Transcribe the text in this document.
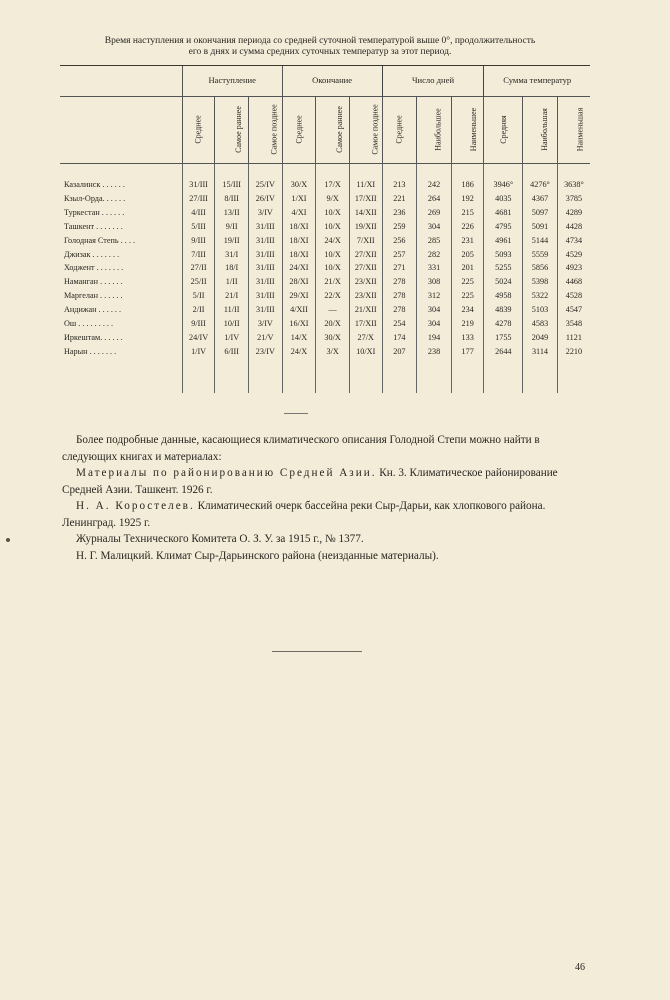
Время наступления и окончания периода со средней суточной температурой выше 0°, продолжительность
его в днях и сумма средних суточных температур за этот период.
	Наступление			Окончание			Число дней			Сумма температур		
	Среднее	Самое раннее	Самое позднее	Среднее	Самое раннее	Самое позднее	Среднее	Наибольшее	Наименьшее	Средняя	Наибольшая	Наименьшая

Казалинск . . . . . .	31/III	15/III	25/IV	30/X	17/X	11/XI	213	242	186	3946°	4276°	3638°
Кзыл-Орда. . . . . .	27/III	8/III	26/IV	1/XI	9/X	17/XII	221	264	192	4035	4367	3785
Туркестан . . . . . .	4/III	13/II	3/IV	4/XI	10/X	14/XII	236	269	215	4681	5097	4289
Ташкент . . . . . . .	5/III	9/II	31/III	18/XI	10/X	19/XII	259	304	226	4795	5091	4428
Голодная Степь . . . .	9/III	19/II	31/III	18/XI	24/X	7/XII	256	285	231	4961	5144	4734
Джизак . . . . . . .	7/III	31/I	31/III	18/XI	10/X	27/XII	257	282	205	5093	5559	4529
Ходжент . . . . . . .	27/II	18/I	31/III	24/XI	10/X	27/XII	271	331	201	5255	5856	4923
Наманган . . . . . .	25/II	1/II	31/III	28/XI	21/X	23/XII	278	308	225	5024	5398	4468
Маргелан . . . . . .	5/II	21/I	31/III	29/XI	22/X	23/XII	278	312	225	4958	5322	4528
Андижан . . . . . .	2/II	11/II	31/III	4/XII	—	21/XII	278	304	234	4839	5103	4547
Ош . . . . . . . . .	9/III	10/II	3/IV	16/XI	20/X	17/XII	254	304	219	4278	4583	3548
Иркештам. . . . . .	24/IV	1/IV	21/V	14/X	30/X	27/X	174	194	133	1755	2049	1121
Нарын . . . . . . .	1/IV	6/III	23/IV	24/X	3/X	10/XI	207	238	177	2644	3114	2210

Более подробные данные, касающиеся климатического описания Голодной Степи можно найти в следующих книгах и материалах:

Материалы по районированию Средней Азии. Кн. 3. Климатическое районирование Средней Азии. Ташкент. 1926 г.

Н. А. Коростелев. Климатический очерк бассейна реки Сыр-Дарьи, как хлопкового района. Ленинград. 1925 г.

Журналы Технического Комитета О. З. У. за 1915 г., № 1377.

Н. Г. Малицкий. Климат Сыр-Дарьинского района (неизданные материалы).

46
